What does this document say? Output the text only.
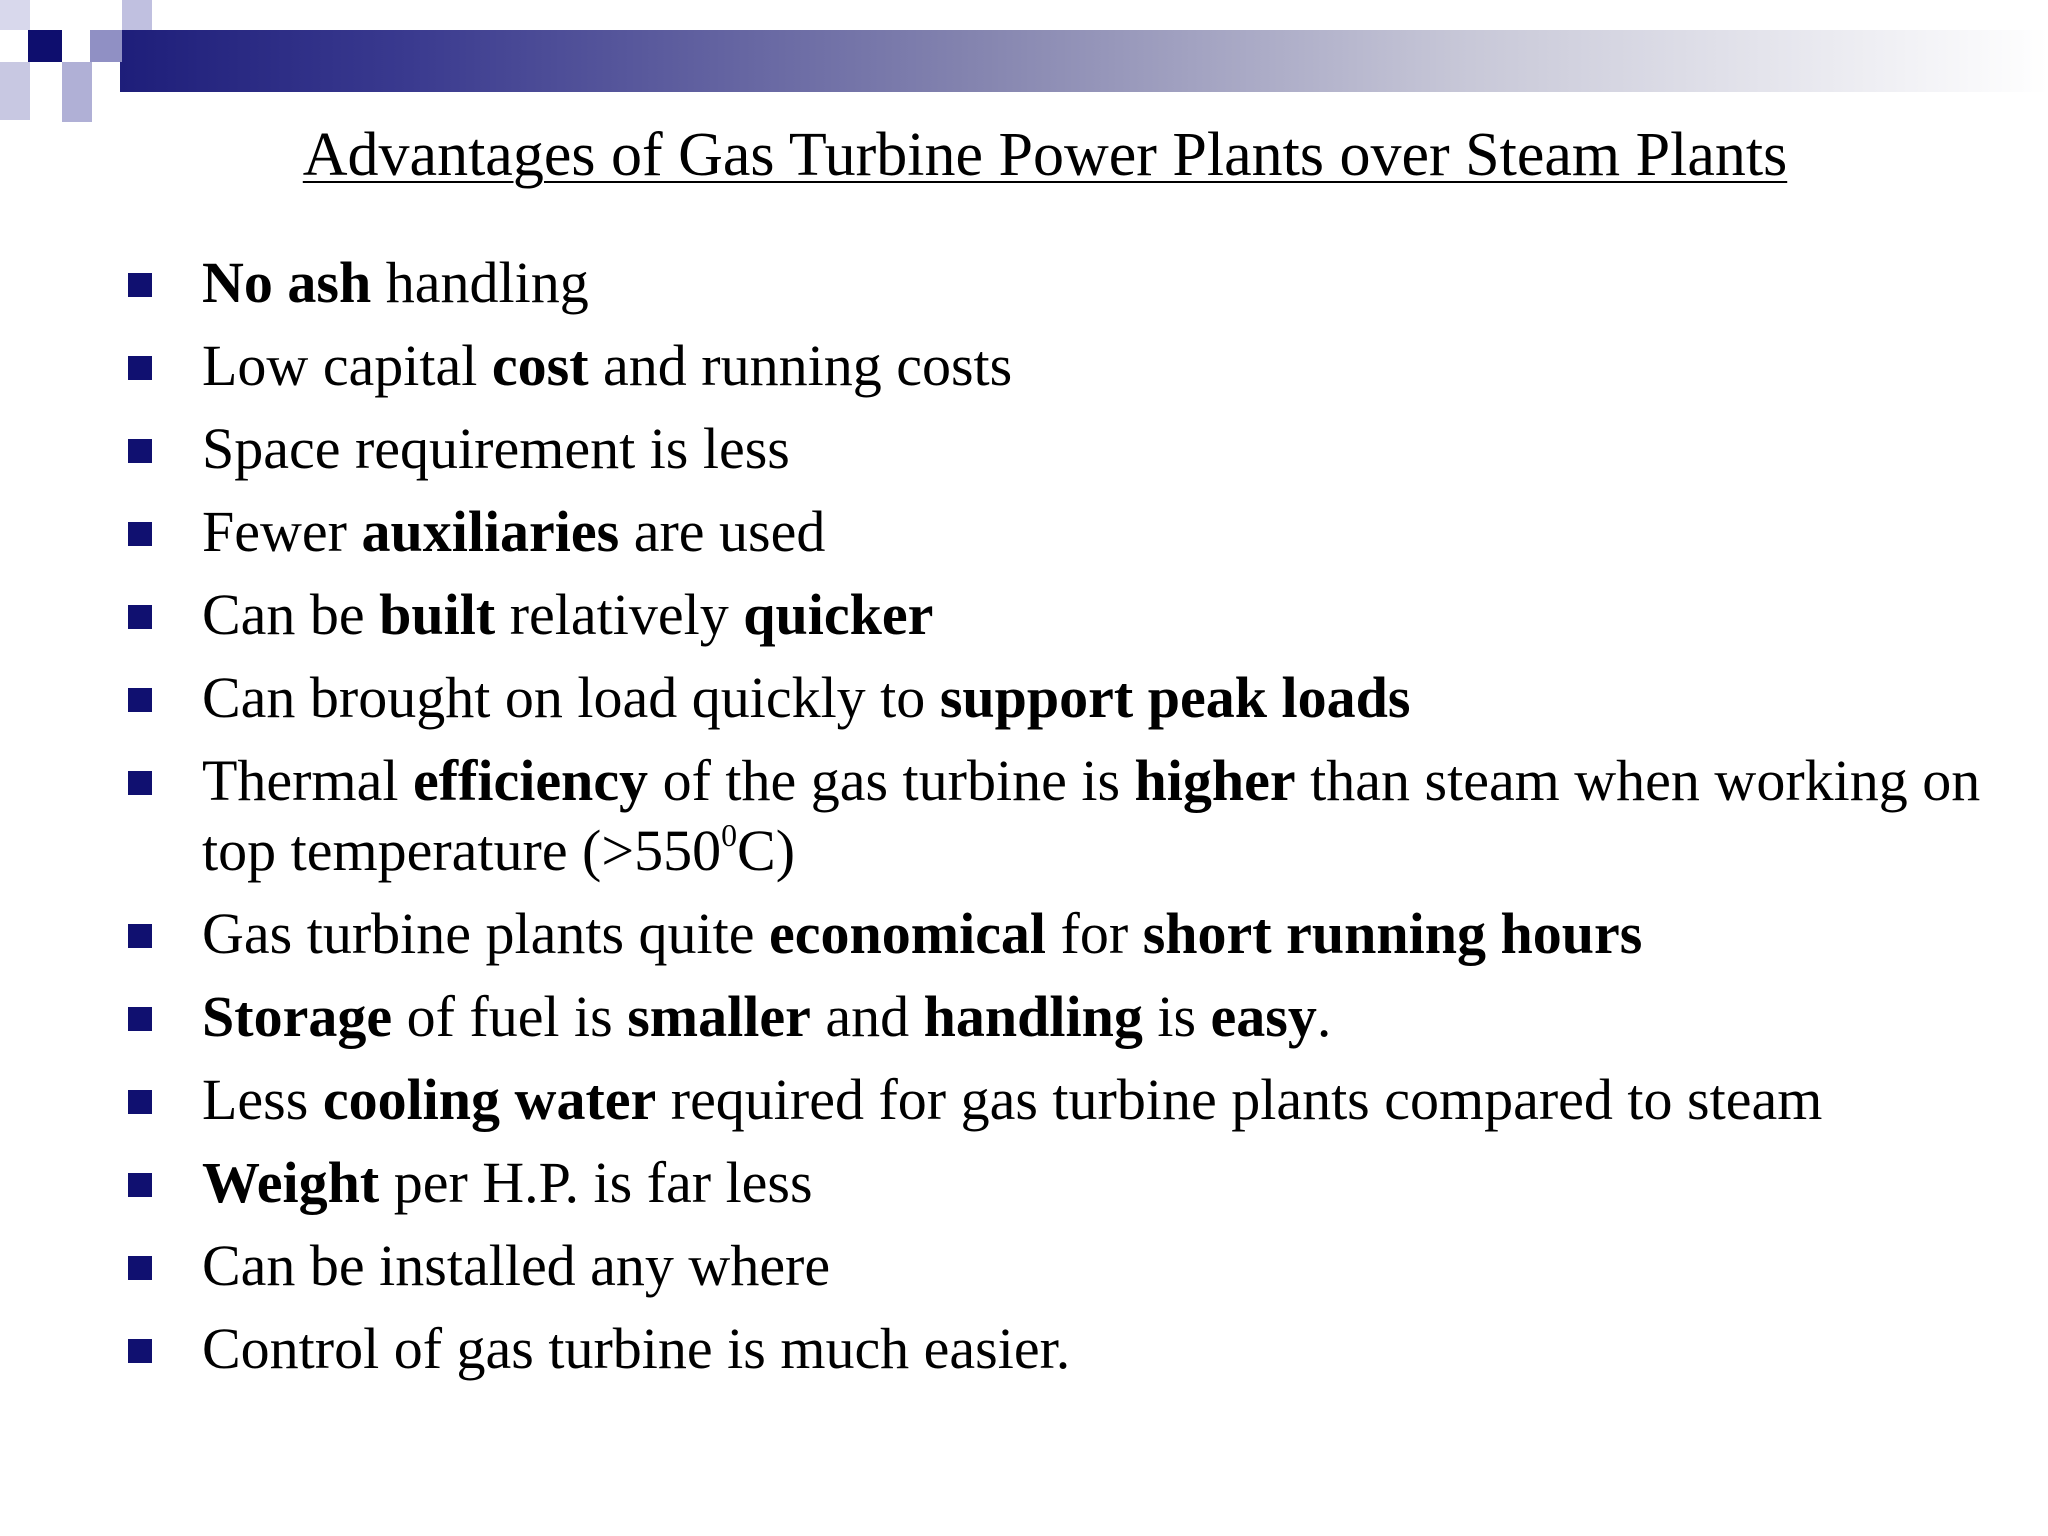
Advantages of Gas Turbine Power Plants over Steam Plants
No ash handling
Low capital cost and running costs
Space requirement is less
Fewer auxiliaries are used
Can be built relatively quicker
Can brought on load quickly to support peak loads
Thermal efficiency of the gas turbine is higher than steam when working on top temperature $(>550^0C)$
Gas turbine plants quite economical for short running hours
Storage of fuel is smaller and handling is easy.
Less cooling water required for gas turbine plants compared to steam
Weight per H.P. is far less
Can be installed any where
Control of gas turbine is much easier.
